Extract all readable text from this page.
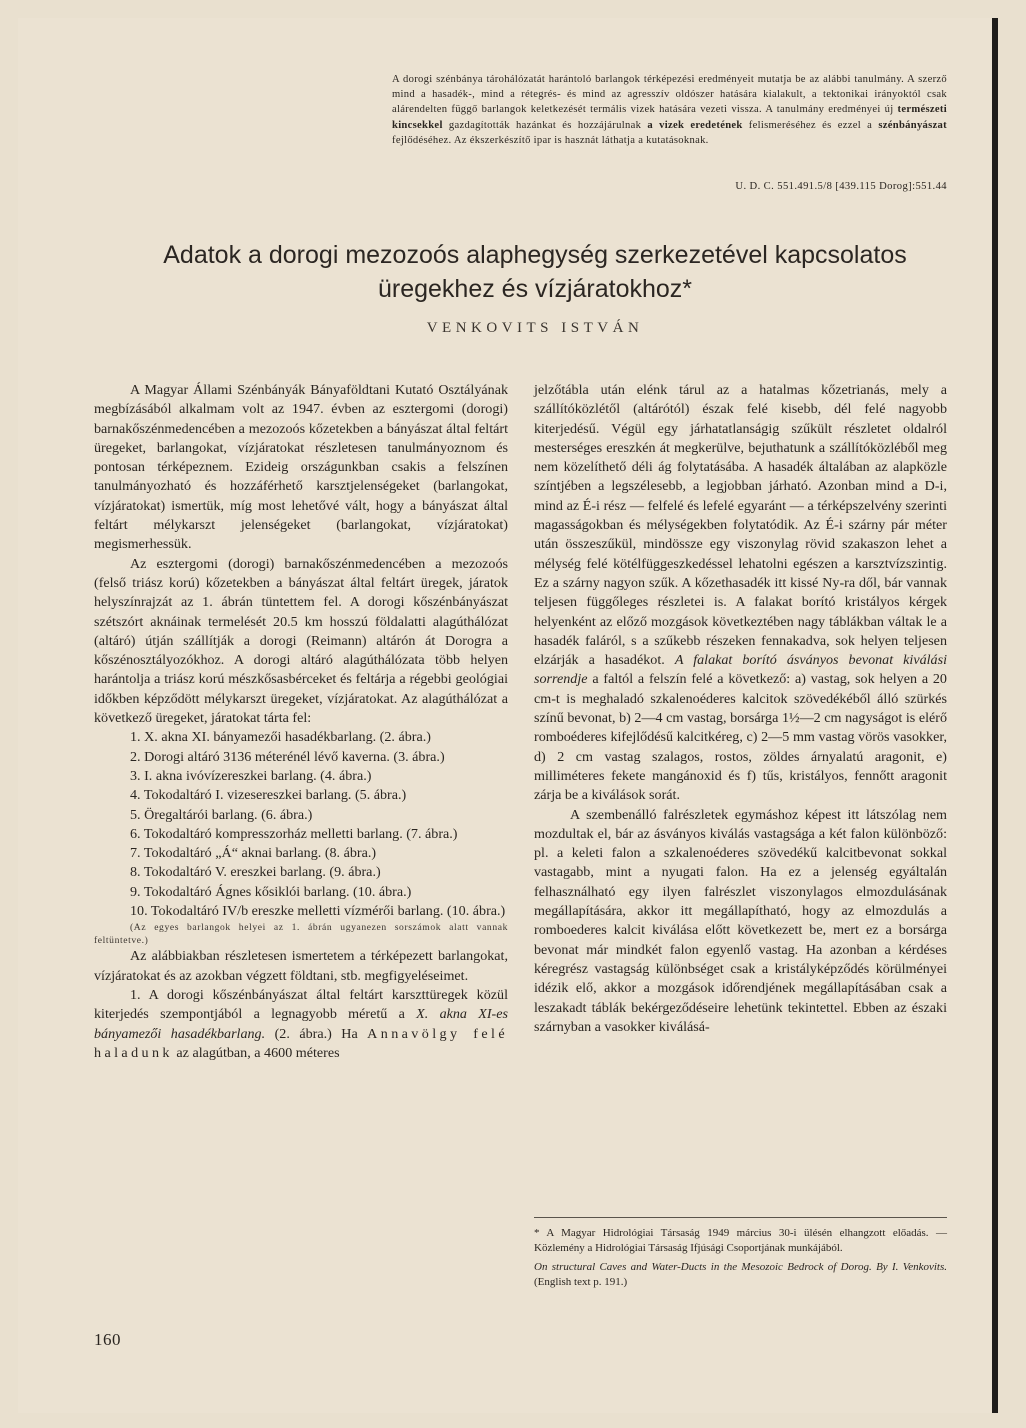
A dorogi szénbánya tárohálózatát harántoló barlangok térképezési eredményeit mutatja be az alábbi tanulmány. A szerző mind a hasadék-, mind a rétegrés- és mind az agresszív oldószer hatására kialakult, a tektonikai irányoktól csak alárendelten függő barlangok keletkezését termális vizek hatására vezeti vissza. A tanulmány eredményei új természeti kincsekkel gazdagították hazánkat és hozzájárulnak a vizek eredetének felismeréséhez és ezzel a szénbányászat fejlődéséhez. Az ékszerkészítő ipar is hasznát láthatja a kutatásoknak.
U. D. C. 551.491.5/8 [439.115 Dorog]:551.44
Adatok a dorogi mezozoós alaphegység szerkezetével kapcsolatos
üregekhez és vízjáratokhoz*
VENKOVITS ISTVÁN

A Magyar Állami Szénbányák Bányaföldtani Kutató Osztályának megbízásából alkalmam volt az 1947. évben az esztergomi (dorogi) barnakőszénmedencében a mezozoós kőzetekben a bányászat által feltárt üregeket, barlangokat, vízjáratokat részletesen tanulmányoznom és pontosan térképeznem. Ezideig országunkban csakis a felszínen tanulmányozható és hozzáférhető karsztjelenségeket (barlangokat, vízjáratokat) ismertük, míg most lehetővé vált, hogy a bányászat által feltárt mélykarszt jelenségeket (barlangokat, vízjáratokat) megismerhessük.

Az esztergomi (dorogi) barnakőszénmedencében a mezozoós (felső triász korú) kőzetekben a bányászat által feltárt üregek, járatok helyszínrajzát az 1. ábrán tüntettem fel. A dorogi kőszénbányászat szétszórt aknáinak termelését 20.5 km hosszú földalatti alagúthálózat (altáró) útján szállítják a dorogi (Reimann) altárón át Dorogra a kőszénosztályozókhoz. A dorogi altáró alagúthálózata több helyen harántolja a triász korú mészkősasbérceket és feltárja a régebbi geológiai időkben képződött mélykarszt üregeket, vízjáratokat. Az alagúthálózat a következő üregeket, járatokat tárta fel:

1. X. akna XI. bányamezői hasadékbarlang. (2. ábra.)

2. Dorogi altáró 3136 méterénél lévő kaverna. (3. ábra.)

3. I. akna ivóvízereszkei barlang. (4. ábra.)

4. Tokodaltáró I. vizesereszkei barlang. (5. ábra.)

5. Öregaltárói barlang. (6. ábra.)

6. Tokodaltáró kompresszorház melletti barlang. (7. ábra.)

7. Tokodaltáró „Á“ aknai barlang. (8. ábra.)

8. Tokodaltáró V. ereszkei barlang. (9. ábra.)

9. Tokodaltáró Ágnes kősiklói barlang. (10. ábra.)

10. Tokodaltáró IV/b ereszke melletti vízmérői barlang. (10. ábra.)

(Az egyes barlangok helyei az 1. ábrán ugyanezen sorszámok alatt vannak feltüntetve.)

Az alábbiakban részletesen ismertetem a térképezett barlangokat, vízjáratokat és az azokban végzett földtani, stb. megfigyeléseimet.

1. A dorogi kőszénbányászat által feltárt karszttüregek közül kiterjedés szempontjából a legnagyobb méretű a X. akna XI-es bányamezői hasadékbarlang. (2. ábra.) Ha Annavölgy felé haladunk az alagútban, a 4600 méteres

jelzőtábla után elénk tárul az a hatalmas kőzetrianás, mely a szállítóközlétől (altárótól) észak felé kisebb, dél felé nagyobb kiterjedésű. Végül egy járhatatlanságig szűkült részletet oldalról mesterséges ereszkén át megkerülve, bejuthatunk a szállítóközléből meg nem közelíthető déli ág folytatásába. A hasadék általában az alapközle színtjében a legszélesebb, a legjobban járható. Azonban mind a D-i, mind az É-i rész — felfelé és lefelé egyaránt — a térképszelvény szerinti magasságokban és mélységekben folytatódik. Az É-i szárny pár méter után összeszűkül, mindössze egy viszonylag rövid szakaszon lehet a mélység felé kötélfüggeszkedéssel lehatolni egészen a karsztvízszintig. Ez a szárny nagyon szűk. A kőzethasadék itt kissé Ny-ra dől, bár vannak teljesen függőleges részletei is. A falakat borító kristályos kérgek helyenként az előző mozgások következtében nagy táblákban váltak le a hasadék faláról, s a szűkebb részeken fennakadva, sok helyen teljesen elzárják a hasadékot. A falakat borító ásványos bevonat kiválási sorrendje a faltól a felszín felé a következő: a) vastag, sok helyen a 20 cm-t is meghaladó szkalenoéderes kalcitok szövedékéből álló szürkés színű bevonat, b) 2—4 cm vastag, borsárga 1½—2 cm nagyságot is elérő romboéderes kifejlődésű kalcitkéreg, c) 2—5 mm vastag vörös vasokker, d) 2 cm vastag szalagos, rostos, zöldes árnyalatú aragonit, e) milliméteres fekete mangánoxid és f) tűs, kristályos, fennőtt aragonit zárja be a kiválások sorát.

A szembenálló falrészletek egymáshoz képest itt látszólag nem mozdultak el, bár az ásványos kiválás vastagsága a két falon különböző: pl. a keleti falon a szkalenoéderes szövedékű kalcitbevonat sokkal vastagabb, mint a nyugati falon. Ha ez a jelenség egyáltalán felhasználható egy ilyen falrészlet viszonylagos elmozdulásának megállapítására, akkor itt megállapítható, hogy az elmozdulás a romboederes kalcit kiválása előtt következett be, mert ez a borsárga bevonat már mindkét falon egyenlő vastag. Ha azonban a kérdéses kéregrész vastagság különbséget csak a kristályképződés körülményei idézik elő, akkor a mozgások időrendjének megállapításában csak a leszakadt táblák bekérgeződéseire lehetünk tekintettel. Ebben az északi szárnyban a vasokker kiválásá-

* A Magyar Hidrológiai Társaság 1949 március 30-i ülésén elhangzott előadás. — Közlemény a Hidrológiai Társaság Ifjúsági Csoportjának munkájából.

On structural Caves and Water-Ducts in the Mesozoic Bedrock of Dorog. By I. Venkovits. (English text p. 191.)

160
